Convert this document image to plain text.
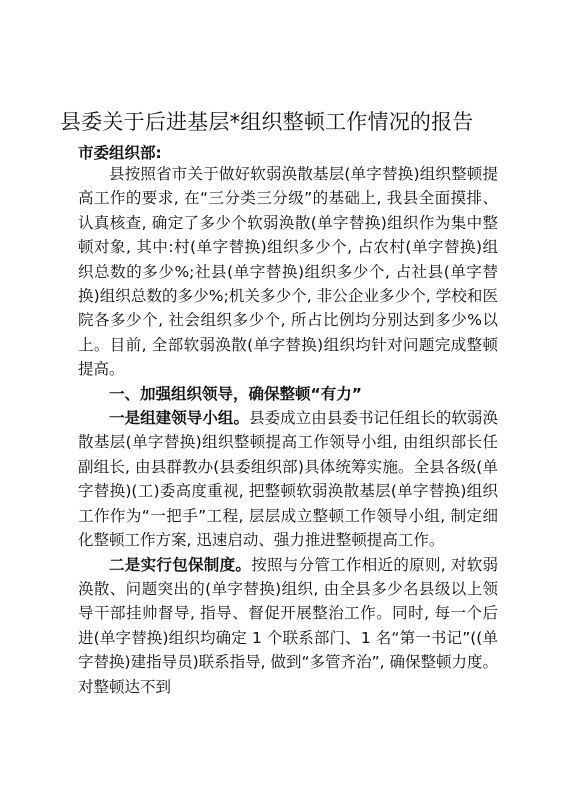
县委关于后进基层*组织整顿工作情况的报告
市委组织部:

县按照省市关于做好软弱涣散基层(单字替换)组织整顿提高工作的要求, 在“三分类三分级”的基础上, 我县全面摸排、认真核查, 确定了多少个软弱涣散(单字替换)组织作为集中整顿对象, 其中:村(单字替换)组织多少个, 占农村(单字替换)组织总数的多少%;社县(单字替换)组织多少个, 占社县(单字替换)组织总数的多少%;机关多少个, 非公企业多少个, 学校和医院各多少个, 社会组织多少个, 所占比例均分别达到多少%以上。目前, 全部软弱涣散(单字替换)组织均针对问题完成整顿提高。

一、加强组织领导，确保整顿“有力”

一是组建领导小组。县委成立由县委书记任组长的软弱涣散基层(单字替换)组织整顿提高工作领导小组, 由组织部长任副组长, 由县群教办(县委组织部)具体统筹实施。全县各级(单字替换)(工)委高度重视, 把整顿软弱涣散基层(单字替换)组织工作作为“一把手”工程, 层层成立整顿工作领导小组, 制定细化整顿工作方案, 迅速启动、强力推进整顿提高工作。

二是实行包保制度。按照与分管工作相近的原则, 对软弱涣散、问题突出的(单字替换)组织, 由全县多少名县级以上领导干部挂帅督导, 指导、督促开展整治工作。同时, 每一个后进(单字替换)组织均确定 1 个联系部门、1 名“第一书记”((单字替换)建指导员)联系指导, 做到“多管齐治”, 确保整顿力度。对整顿达不到
